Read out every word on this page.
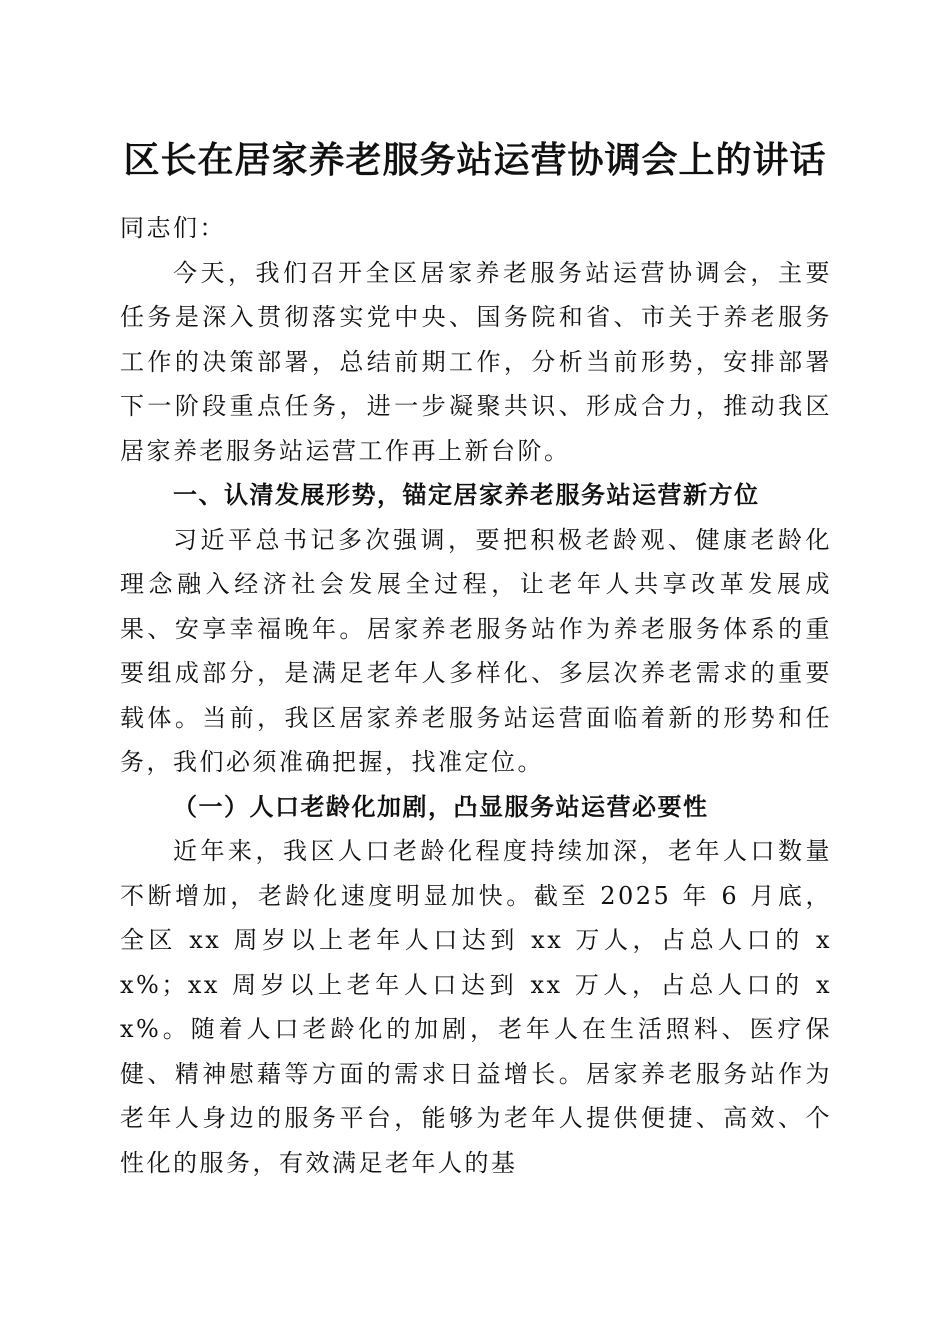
区长在居家养老服务站运营协调会上的讲话

同志们：

今天，我们召开全区居家养老服务站运营协调会，主要任务是深入贯彻落实党中央、国务院和省、市关于养老服务工作的决策部署，总结前期工作，分析当前形势，安排部署下一阶段重点任务，进一步凝聚共识、形成合力，推动我区居家养老服务站运营工作再上新台阶。

一、认清发展形势，锚定居家养老服务站运营新方位

习近平总书记多次强调，要把积极老龄观、健康老龄化理念融入经济社会发展全过程，让老年人共享改革发展成果、安享幸福晚年。居家养老服务站作为养老服务体系的重要组成部分，是满足老年人多样化、多层次养老需求的重要载体。当前，我区居家养老服务站运营面临着新的形势和任务，我们必须准确把握，找准定位。

（一）人口老龄化加剧，凸显服务站运营必要性

近年来，我区人口老龄化程度持续加深，老年人口数量不断增加，老龄化速度明显加快。截至 2025 年 6 月底，全区 xx 周岁以上老年人口达到 xx 万人，占总人口的 xx%；xx 周岁以上老年人口达到 xx 万人，占总人口的 xx%。随着人口老龄化的加剧，老年人在生活照料、医疗保健、精神慰藉等方面的需求日益增长。居家养老服务站作为老年人身边的服务平台，能够为老年人提供便捷、高效、个性化的服务，有效满足老年人的基
